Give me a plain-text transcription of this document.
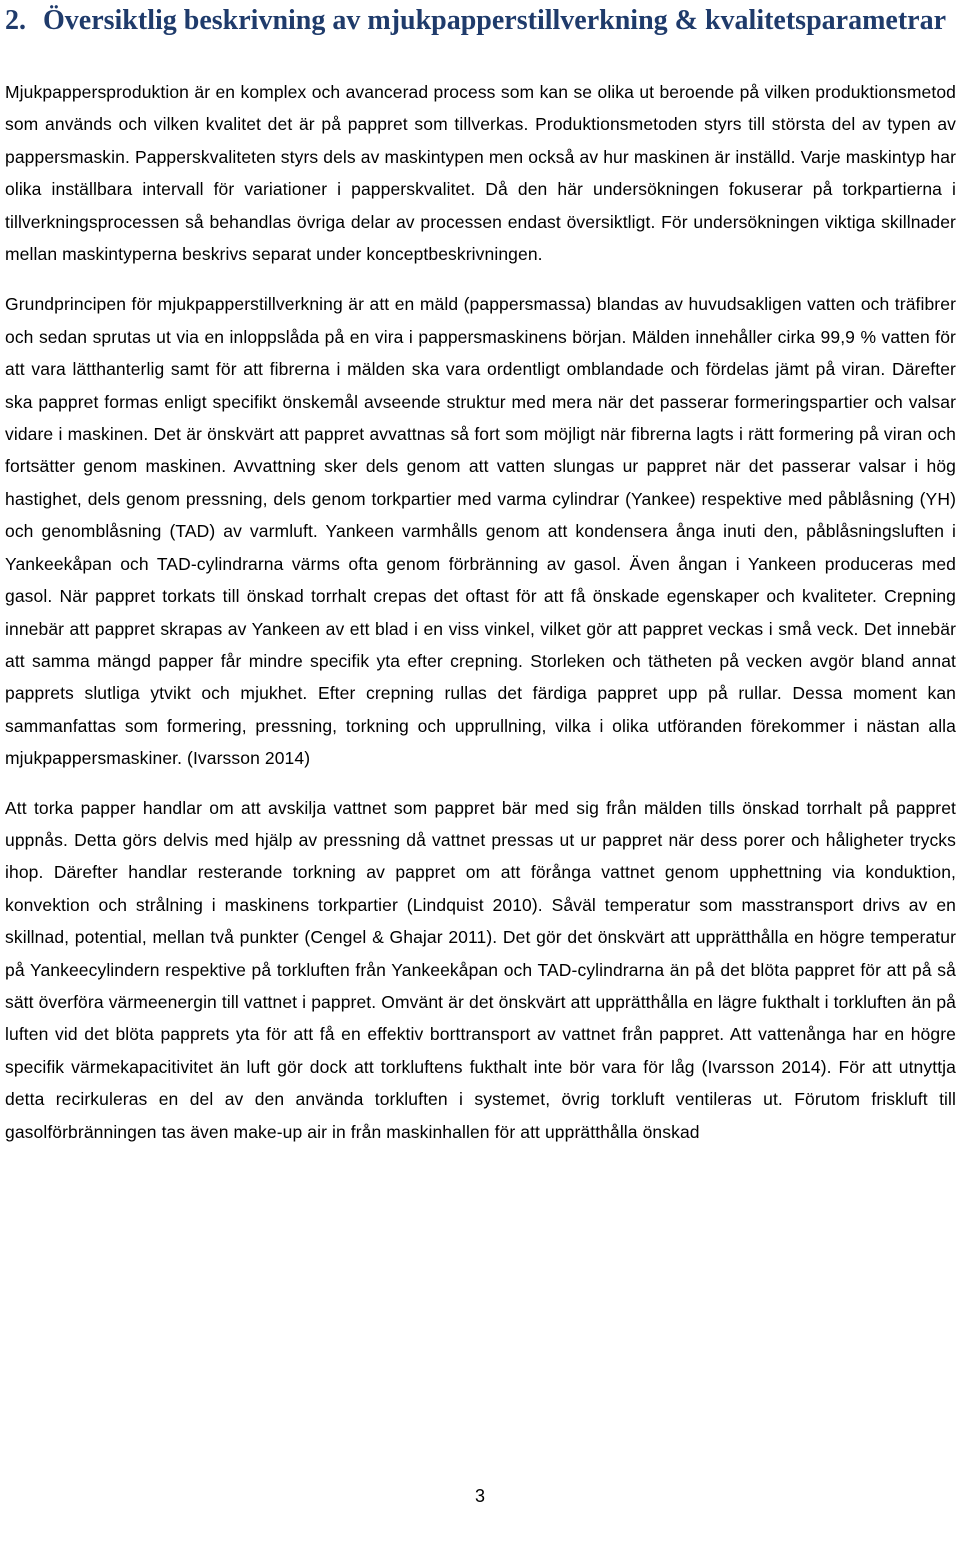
2. Översiktlig beskrivning av mjukpapperstillverkning & kvalitetsparametrar

Mjukpappersproduktion är en komplex och avancerad process som kan se olika ut beroende på vilken produktionsmetod som används och vilken kvalitet det är på pappret som tillverkas. Produktionsmetoden styrs till största del av typen av pappersmaskin. Papperskvaliteten styrs dels av maskintypen men också av hur maskinen är inställd. Varje maskintyp har olika inställbara intervall för variationer i papperskvalitet. Då den här undersökningen fokuserar på torkpartierna i tillverkningsprocessen så behandlas övriga delar av processen endast översiktligt. För undersökningen viktiga skillnader mellan maskintyperna beskrivs separat under konceptbeskrivningen.

Grundprincipen för mjukpapperstillverkning är att en mäld (pappersmassa) blandas av huvudsakligen vatten och träfibrer och sedan sprutas ut via en inloppslåda på en vira i pappersmaskinens början. Mälden innehåller cirka 99,9 % vatten för att vara lätthanterlig samt för att fibrerna i mälden ska vara ordentligt omblandade och fördelas jämt på viran. Därefter ska pappret formas enligt specifikt önskemål avseende struktur med mera när det passerar formeringspartier och valsar vidare i maskinen. Det är önskvärt att pappret avvattnas så fort som möjligt när fibrerna lagts i rätt formering på viran och fortsätter genom maskinen. Avvattning sker dels genom att vatten slungas ur pappret när det passerar valsar i hög hastighet, dels genom pressning, dels genom torkpartier med varma cylindrar (Yankee) respektive med påblåsning (YH) och genomblåsning (TAD) av varmluft. Yankeen varmhålls genom att kondensera ånga inuti den, påblåsningsluften i Yankeekåpan och TAD-cylindrarna värms ofta genom förbränning av gasol. Även ångan i Yankeen produceras med gasol. När pappret torkats till önskad torrhalt crepas det oftast för att få önskade egenskaper och kvaliteter. Crepning innebär att pappret skrapas av Yankeen av ett blad i en viss vinkel, vilket gör att pappret veckas i små veck. Det innebär att samma mängd papper får mindre specifik yta efter crepning. Storleken och tätheten på vecken avgör bland annat papprets slutliga ytvikt och mjukhet. Efter crepning rullas det färdiga pappret upp på rullar. Dessa moment kan sammanfattas som formering, pressning, torkning och upprullning, vilka i olika utföranden förekommer i nästan alla mjukpappersmaskiner. (Ivarsson 2014)

Att torka papper handlar om att avskilja vattnet som pappret bär med sig från mälden tills önskad torrhalt på pappret uppnås. Detta görs delvis med hjälp av pressning då vattnet pressas ut ur pappret när dess porer och håligheter trycks ihop. Därefter handlar resterande torkning av pappret om att förånga vattnet genom upphettning via konduktion, konvektion och strålning i maskinens torkpartier (Lindquist 2010). Såväl temperatur som masstransport drivs av en skillnad, potential, mellan två punkter (Cengel & Ghajar 2011). Det gör det önskvärt att upprätthålla en högre temperatur på Yankeecylindern respektive på torkluften från Yankeekåpan och TAD-cylindrarna än på det blöta pappret för att på så sätt överföra värmeenergin till vattnet i pappret. Omvänt är det önskvärt att upprätthålla en lägre fukthalt i torkluften än på luften vid det blöta papprets yta för att få en effektiv borttransport av vattnet från pappret. Att vattenånga har en högre specifik värmekapacitivitet än luft gör dock att torkluftens fukthalt inte bör vara för låg (Ivarsson 2014). För att utnyttja detta recirkuleras en del av den använda torkluften i systemet, övrig torkluft ventileras ut. Förutom friskluft till gasolförbränningen tas även make-up air in från maskinhallen för att upprätthålla önskad

3
